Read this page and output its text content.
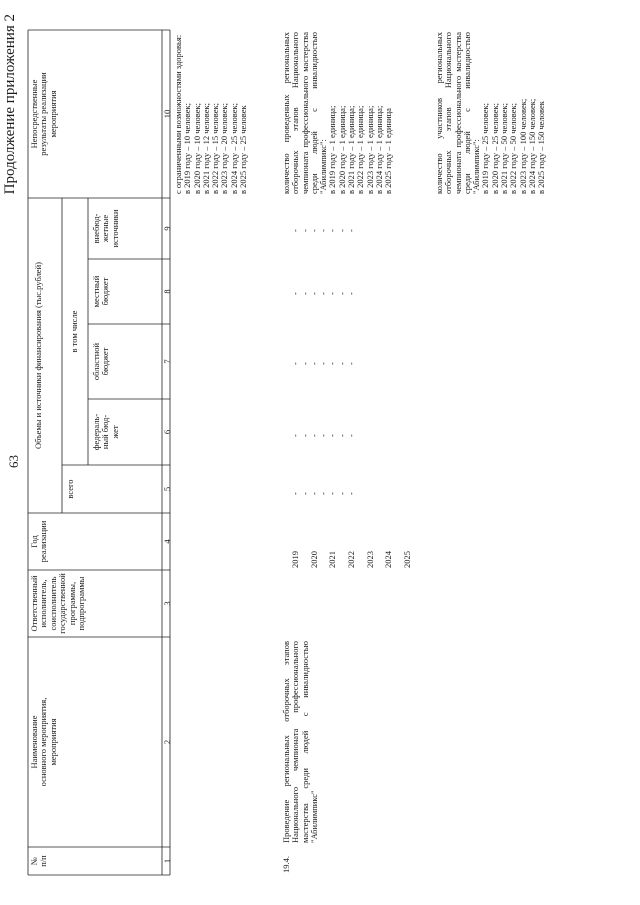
63
Продолжение приложения 2
№
п/п
Наименование
основного мероприятия,
мероприятия
Ответственный
исполнитель,
соисполнитель
государственной
программы,
подпрограммы
Год
реализации
Объемы и источники финансирования (тыс.рублей)
всего
в том числе
федераль-
ный бюд-
жет
областной
бюджет
местный
бюджет
внебюд-
жетные
источники
Непосредственные
результаты реализации
мероприятия
1
2
3
4
5
6
7
8
9
10
с ограниченными возможностями здоровья:
в 2019 году – 10 человек;
в 2020 году – 10 человек;
в 2021 году – 12 человек;
в 2022 году – 15 человек;
в 2023 году – 20 человек;
в 2024 году – 25 человек;
в 2025 году – 25 человек
19.4.
Проведение региональных отборочных этапов Национального чемпионата профессионального мастерства среди людей с инвалидностью "Абилимпикс"

2019 2020 2021 2022 2023 2024 2025

- - - - - - -

- - - - - - -

- - - - - - -

- - - - - - -

- - - - - - -

количество проведенных региональных отборочных этапов Национального чемпионата профессионального мастерства среди людей с инвалидностью "Абилимпикс":
в 2019 году – 1 единица;
в 2020 году – 1 единица;
в 2021 году – 1 единица;
в 2022 году – 1 единица;
в 2023 году – 1 единица;
в 2024 году – 1 единица;
в 2025 году – 1 единица
количество участников региональных отборочных этапов Национального чемпионата профессионального мастерства среди людей с инвалидностью "Абилимпикс":
в 2019 году – 25 человек;
в 2020 году – 25 человек;
в 2021 году – 50 человек;
в 2022 году – 50 человек;
в 2023 году – 100 человек;
в 2024 году – 150 человек;
в 2025 году – 150 человек
